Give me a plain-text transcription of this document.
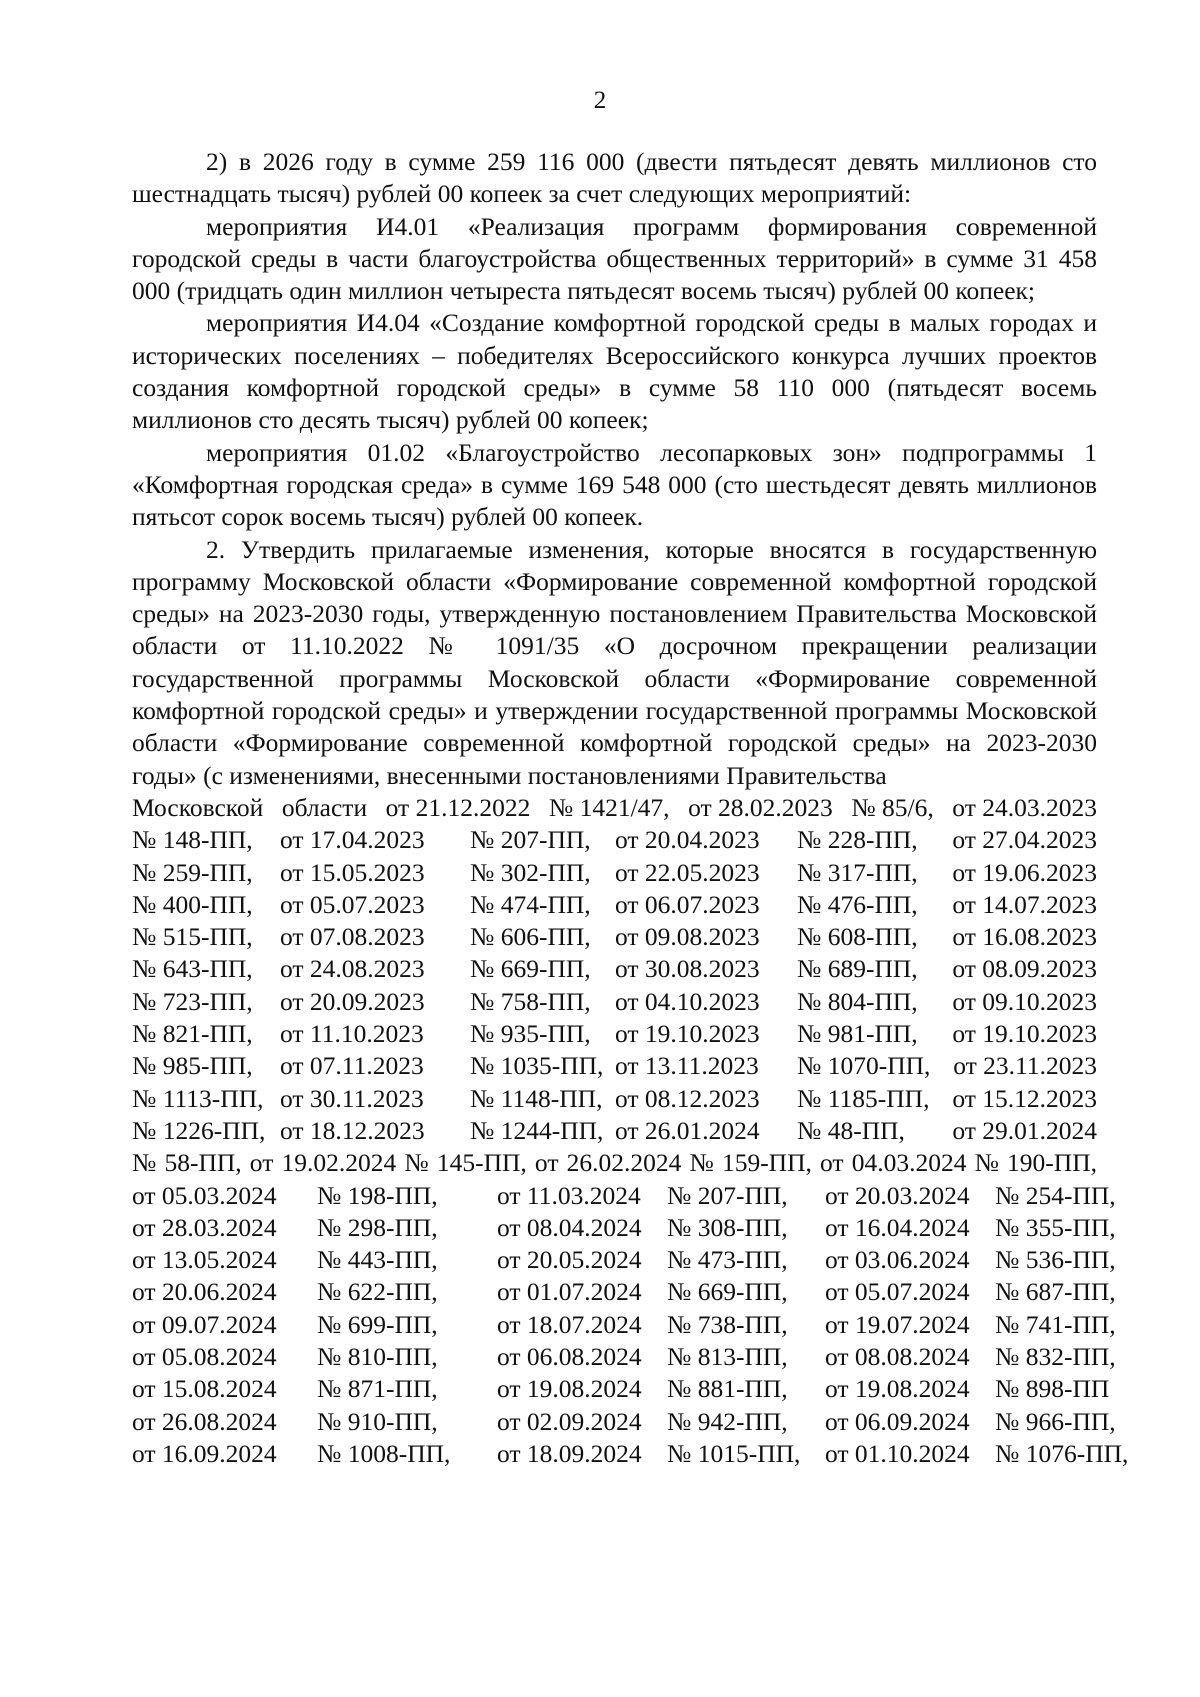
2

2) в 2026 году в сумме 259 116 000 (двести пятьдесят девять миллионов сто шестнадцать тысяч) рублей 00 копеек за счет следующих мероприятий:

мероприятия И4.01 «Реализация программ формирования современной городской среды в части благоустройства общественных территорий» в сумме 31 458 000 (тридцать один миллион четыреста пятьдесят восемь тысяч) рублей 00 копеек;

мероприятия И4.04 «Создание комфортной городской среды в малых городах и исторических поселениях – победителях Всероссийского конкурса лучших проектов создания комфортной городской среды» в сумме 58 110 000 (пятьдесят восемь миллионов сто десять тысяч) рублей 00 копеек;

мероприятия 01.02 «Благоустройство лесопарковых зон» подпрограммы 1 «Комфортная городская среда» в сумме 169 548 000 (сто шестьдесят девять миллионов пятьсот сорок восемь тысяч) рублей 00 копеек.

2. Утвердить прилагаемые изменения, которые вносятся в государственную программу Московской области «Формирование современной комфортной городской среды» на 2023-2030 годы, утвержденную постановлением Правительства Московской области от 11.10.2022 № 1091/35 «О досрочном прекращении реализации государственной программы Московской области «Формирование современной комфортной городской среды» и утверждении государственной программы Московской области «Формирование современной комфортной городской среды» на 2023-2030 годы» (с изменениями, внесенными постановлениями Правительства

Московской области от 21.12.2022 № 1421/47, от 28.02.2023 № 85/6, от 24.03.2023
№ 148-ПП,	от 17.04.2023	№ 207-ПП, от 20.04.2023	№ 228-ПП,	от 27.04.2023
№ 259-ПП,	от 15.05.2023	№ 302-ПП, от 22.05.2023	№ 317-ПП,	от 19.06.2023
№ 400-ПП,	от 05.07.2023	№ 474-ПП, от 06.07.2023	№ 476-ПП,	от 14.07.2023
№ 515-ПП,	от 07.08.2023	№ 606-ПП, от 09.08.2023	№ 608-ПП,	от 16.08.2023
№ 643-ПП,	от 24.08.2023	№ 669-ПП, от 30.08.2023	№ 689-ПП,	от 08.09.2023
№ 723-ПП,	от 20.09.2023	№ 758-ПП, от 04.10.2023	№ 804-ПП,	от 09.10.2023
№ 821-ПП,	от 11.10.2023	№ 935-ПП, от 19.10.2023	№ 981-ПП,	от 19.10.2023
№ 985-ПП,	от 07.11.2023	№ 1035-ПП, от 13.11.2023	№ 1070-ПП, от 23.11.2023
№ 1113-ПП, от 30.11.2023	№ 1148-ПП, от 08.12.2023	№ 1185-ПП, от 15.12.2023
№ 1226-ПП, от 18.12.2023	№ 1244-ПП, от 26.01.2024	№ 48-ПП,	от 29.01.2024
№ 58-ПП, от 19.02.2024 № 145-ПП, от 26.02.2024 № 159-ПП, от 04.03.2024 № 190-ПП,
от 05.03.2024	№ 198-ПП,	от 11.03.2024	№ 207-ПП,	от 20.03.2024 № 254-ПП,
от 28.03.2024	№ 298-ПП,	от 08.04.2024 № 308-ПП,	от 16.04.2024 № 355-ПП,
от 13.05.2024	№ 443-ПП,	от 20.05.2024 № 473-ПП,	от 03.06.2024 № 536-ПП,
от 20.06.2024	№ 622-ПП,	от 01.07.2024 № 669-ПП,	от 05.07.2024 № 687-ПП,
от 09.07.2024	№ 699-ПП,	от 18.07.2024 № 738-ПП,	от 19.07.2024 № 741-ПП,
от 05.08.2024	№ 810-ПП,	от 06.08.2024 № 813-ПП,	от 08.08.2024 № 832-ПП,
от 15.08.2024	№ 871-ПП,	от 19.08.2024 № 881-ПП,	от 19.08.2024 № 898-ПП
от 26.08.2024	№ 910-ПП,	от 02.09.2024 № 942-ПП,	от 06.09.2024 № 966-ПП,
от 16.09.2024	№ 1008-ПП,	от 18.09.2024 № 1015-ПП, от 01.10.2024 № 1076-ПП,
